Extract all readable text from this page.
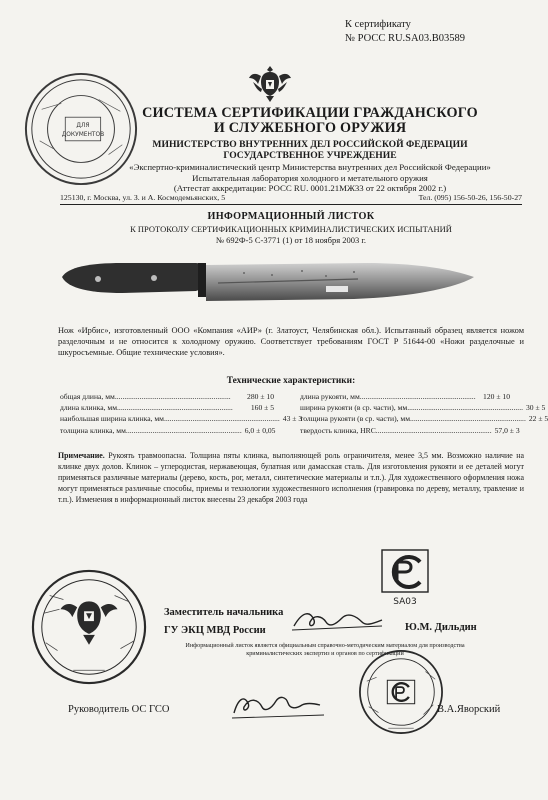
К сертификату
№ РОСС RU.SA03.B03589
ДЛЯ
ДОКУМЕНТОВ
СИСТЕМА СЕРТИФИКАЦИИ ГРАЖДАНСКОГО
И СЛУЖЕБНОГО ОРУЖИЯ
МИНИСТЕРСТВО ВНУТРЕННИХ ДЕЛ РОССИЙСКОЙ ФЕДЕРАЦИИ
ГОСУДАРСТВЕННОЕ УЧРЕЖДЕНИЕ
«Экспертно-криминалистический центр Министерства внутренних дел Российской Федерации»
Испытательная лаборатория холодного и метательного оружия
(Аттестат аккредитации: РОСС RU. 0001.21МЖ33 от 22 октября 2002 г.)
125130, г. Москва, ул. З. и А. Космодемьянских, 5	Тел. (095) 156-50-26, 156-50-27
ИНФОРМАЦИОННЫЙ ЛИСТОК
К ПРОТОКОЛУ СЕРТИФИКАЦИОННЫХ КРИМИНАЛИСТИЧЕСКИХ ИСПЫТАНИЙ
№ 692Ф-5 С-3771 (1) от 18 ноября 2003 г.
Нож «Ирбис», изготовленный ООО «Компания «АИР» (г. Златоуст, Челябинская обл.). Испытанный образец является ножом разделочным и не относится к холодному оружию. Соответствует требованиям ГОСТ Р 51644-00 «Ножи разделочные и шкуросъемные. Общие технические условия».
Технические характеристики:
общая длина, мм.............................................................	280 ± 10
длина клинка, мм.............................................................	160 ± 5
наибольшая ширина клинка, мм............................................................. 43 ± 3
толщина клинка, мм............................................................. 6,0 ± 0,05
длина рукояти, мм............................................................. 120 ± 10
ширина рукояти (в ср. части), мм............................................................. 30 ± 5
толщина рукояти (в ср. части), мм............................................................. 22 ± 5
твердость клинка, HRC............................................................. 57,0 ± 3
Примечание. Рукоять травмоопасна. Толщина пяты клинка, выполняющей роль ограничителя, менее 3,5 мм. Возможно наличие на клинке двух долов. Клинок – углеродистая, нержавеющая, булатная или дамасская сталь. Для изготовления рукояти и ее деталей могут применяться различные материалы (дерево, кость, рог, металл, синтетические материалы и т.п.). Для художественного оформления ножа могут применяться различные способы, приемы и технологии художественного исполнения (гравировка по дереву, металлу, травление и т.п.). Изменения в информационный листок внесены 23 декабря 2003 года
SA03
Заместитель начальника
ГУ ЭКЦ МВД России	Ю.М. Дильдин
Информационный листок является официальным справочно-методическим материалом для производства криминалистических экспертиз и органов по сертификации
Руководитель ОС ГСО	В.А.Яворский
